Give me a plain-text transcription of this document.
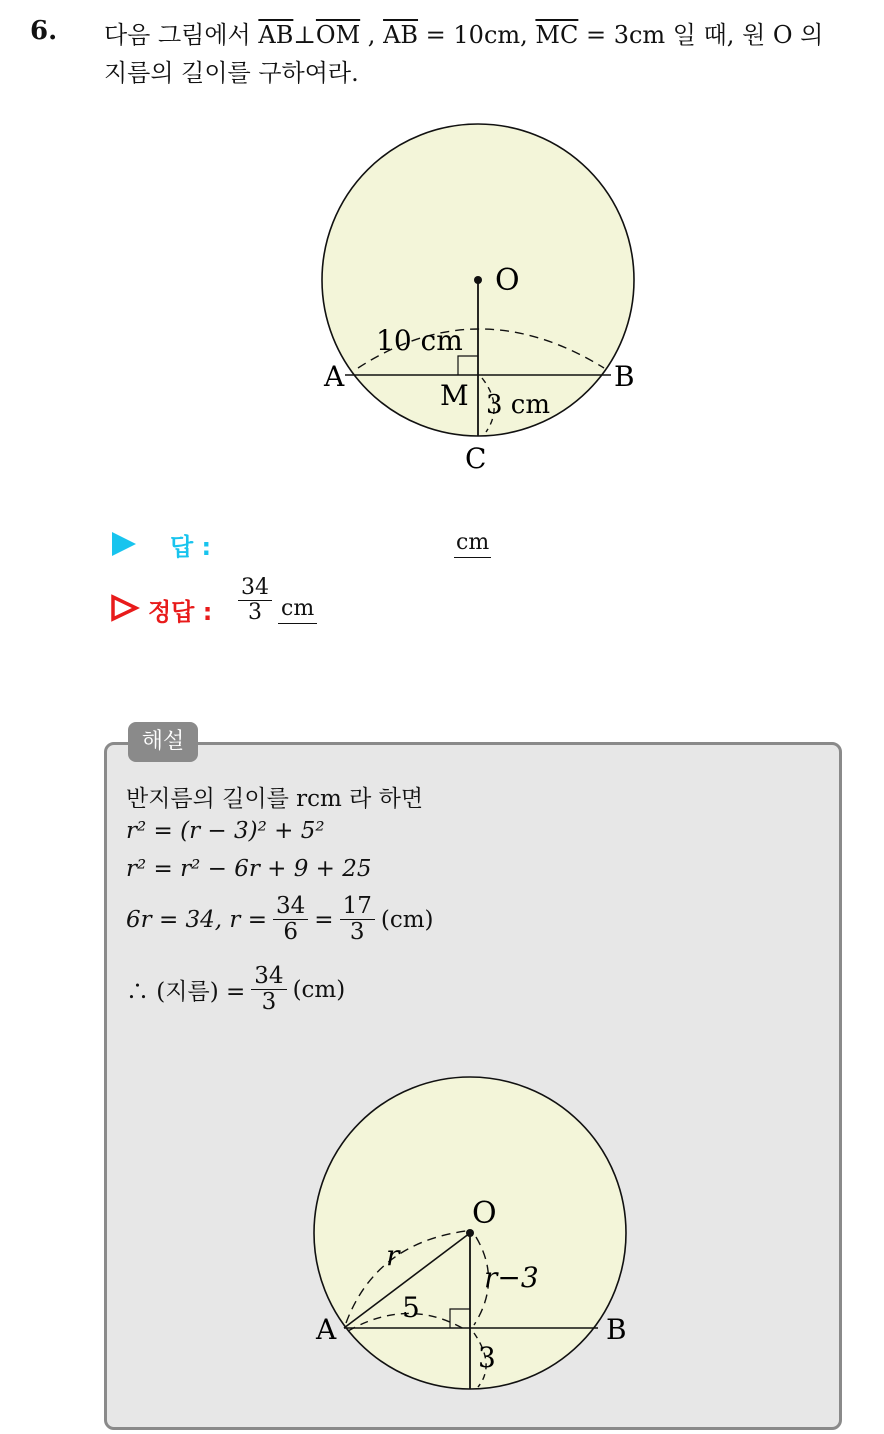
6. 다음 그림에서 $\overline{AB}\perp\overline{OM}$ , $\overline{AB} = 10cm$, $\overline{MC} = 3cm$ 일 때, 원 O 의
지름의 길이를 구하여라.
O
A	B
M
C
10 cm
3 cm
답 :	cm
정답 : $\frac{34}{3}$ cm
해설
반지름의 길이를 rcm 라 하면
r² = (r − 3)² + 5²
r² = r² − 6r + 9 + 25
6r = 34, $r = \frac{34}{6} = \frac{17}{3} (cm)$
∴ (지름) = $\frac{34}{3} (cm)$
O
A	B
r
r−3
5
3
